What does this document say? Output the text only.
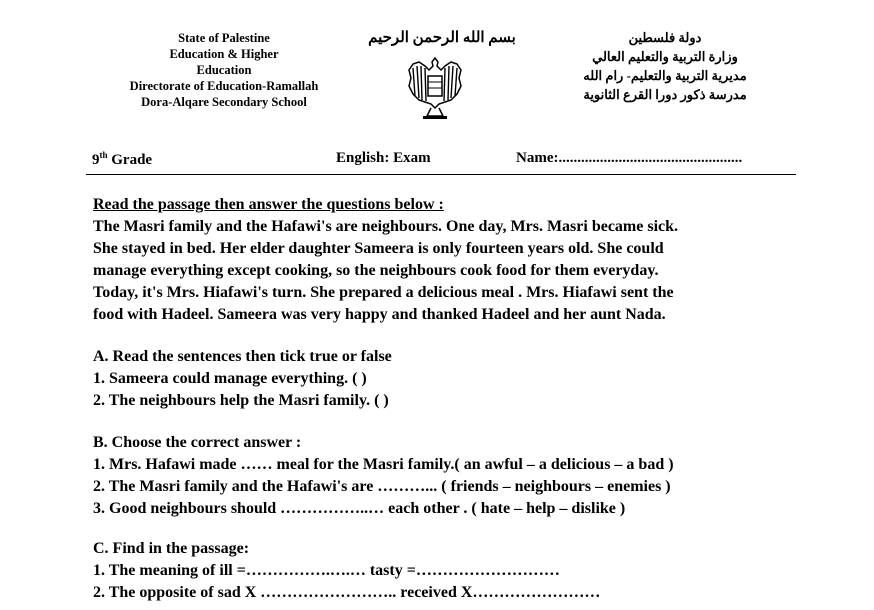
State of Palestine
Education & Higher
Education
Directorate of Education-Ramallah
Dora-Alqare Secondary School
بسم الله الرحمن الرحيم	دولة فلسطين
وزارة التربية والتعليم العالي
مديرية التربية والتعليم- رام الله
مدرسة ذكور دورا القرع الثانوية
9th Grade	English: Exam	Name:.................................................
Read the passage then answer the questions below :
The Masri family and the Hafawi's are neighbours. One day, Mrs. Masri became sick.
She stayed in bed. Her elder daughter Sameera is only fourteen years old. She could
manage everything except cooking, so the neighbours cook food for them everyday.
Today, it's Mrs. Hiafawi's turn. She prepared a delicious meal . Mrs. Hiafawi sent the
food with Hadeel. Sameera was very happy and thanked Hadeel and her aunt Nada.
A. Read the sentences then tick true or false
1. Sameera could manage everything. ( )
2. The neighbours help the Masri family. ( )
B. Choose the correct answer :
1. Mrs. Hafawi made …… meal for the Masri family.( an awful – a delicious – a bad )
2. The Masri family and the Hafawi's are ………... ( friends – neighbours – enemies )
3. Good neighbours should ……………..… each other . ( hate – help – dislike )
C. Find in the passage:
1. The meaning of ill =…………….….… tasty =………………………
2. The opposite of sad X …………………….. received X……………………
